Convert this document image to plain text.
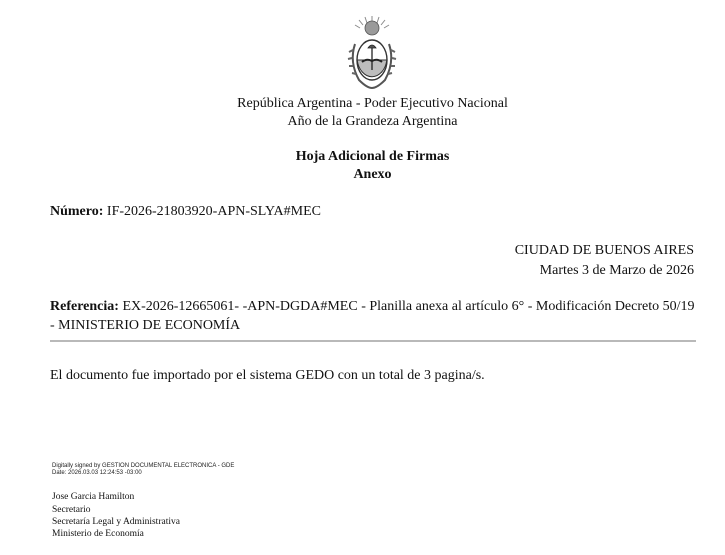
República Argentina - Poder Ejecutivo Nacional
Año de la Grandeza Argentina
Hoja Adicional de Firmas
Anexo
Número: IF-2026-21803920-APN-SLYA#MEC
CIUDAD DE BUENOS AIRES
Martes 3 de Marzo de 2026
Referencia: EX-2026-12665061- -APN-DGDA#MEC - Planilla anexa al artículo 6° - Modificación Decreto 50/19 - MINISTERIO DE ECONOMÍA
El documento fue importado por el sistema GEDO con un total de 3 pagina/s.
Digitally signed by GESTION DOCUMENTAL ELECTRONICA - GDE
Date: 2026.03.03 12:24:53 -03:00
Jose Garcia Hamilton
Secretario
Secretaría Legal y Administrativa
Ministerio de Economía
